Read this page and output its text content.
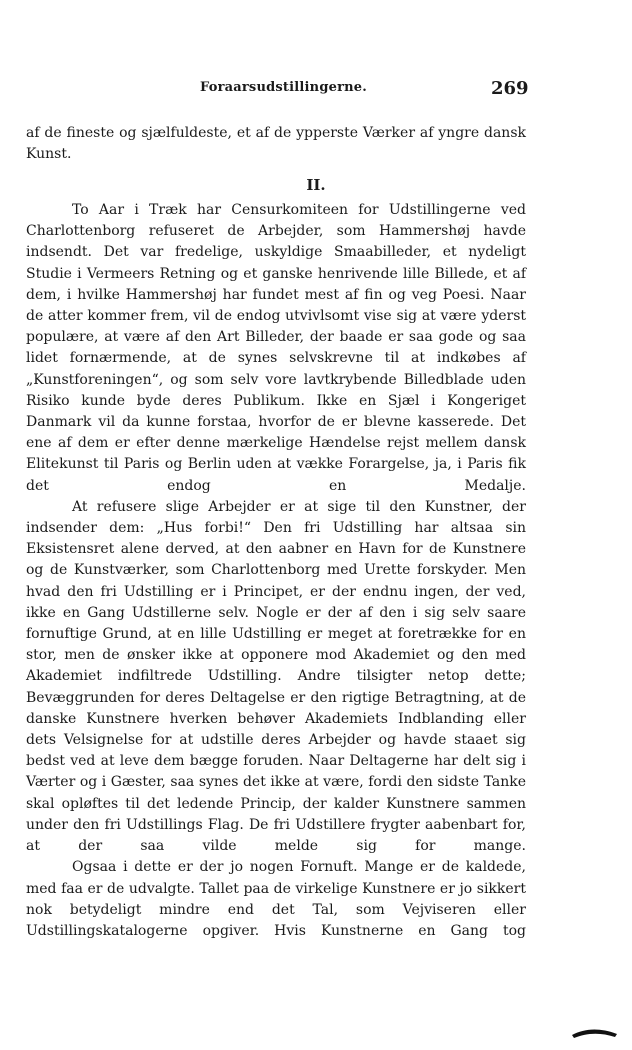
Foraarsudstillingerne.	269

af de fineste og sjælfuldeste, et af de ypperste Værker af yngre dansk Kunst.

II.

To Aar i Træk har Censurkomiteen for Udstillingerne ved Charlottenborg refuseret de Arbejder, som Hammershøj havde indsendt. Det var fredelige, uskyldige Smaabilleder, et nydeligt Studie i Vermeers Retning og et ganske henrivende lille Billede, et af dem, i hvilke Hammershøj har fundet mest af fin og veg Poesi. Naar de atter kommer frem, vil de endog utvivlsomt vise sig at være yderst populære, at være af den Art Billeder, der baade er saa gode og saa lidet fornærmende, at de synes selvskrevne til at indkøbes af „Kunstforeningen“, og som selv vore lavtkrybende Billedblade uden Risiko kunde byde deres Publikum. Ikke en Sjæl i Kongeriget Danmark vil da kunne forstaa, hvorfor de er blevne kasserede. Det ene af dem er efter denne mærkelige Hændelse rejst mellem dansk Elitekunst til Paris og Berlin uden at vække Forargelse, ja, i Paris fik det endog en Medalje.

At refusere slige Arbejder er at sige til den Kunstner, der indsender dem: „Hus forbi!“ Den fri Udstilling har altsaa sin Eksistensret alene derved, at den aabner en Havn for de Kunstnere og de Kunstværker, som Charlottenborg med Urette forskyder. Men hvad den fri Udstilling er i Principet, er der endnu ingen, der ved, ikke en Gang Udstillerne selv. Nogle er der af den i sig selv saare fornuftige Grund, at en lille Udstilling er meget at foretrække for en stor, men de ønsker ikke at opponere mod Akademiet og den med Akademiet indfiltrede Udstilling. Andre tilsigter netop dette; Bevæggrunden for deres Deltagelse er den rigtige Betragtning, at de danske Kunstnere hverken behøver Akademiets Indblanding eller dets Velsignelse for at udstille deres Arbejder og havde staaet sig bedst ved at leve dem bægge foruden. Naar Deltagerne har delt sig i Værter og i Gæster, saa synes det ikke at være, fordi den sidste Tanke skal opløftes til det ledende Princip, der kalder Kunstnere sammen under den fri Udstillings Flag. De fri Udstillere frygter aabenbart for, at der saa vilde melde sig for mange.

Ogsaa i dette er der jo nogen Fornuft. Mange er de kaldede, med faa er de udvalgte. Tallet paa de virkelige Kunstnere er jo sikkert nok betydeligt mindre end det Tal, som Vejviseren eller Udstillingskatalogerne opgiver. Hvis Kunstnerne en Gang tog
